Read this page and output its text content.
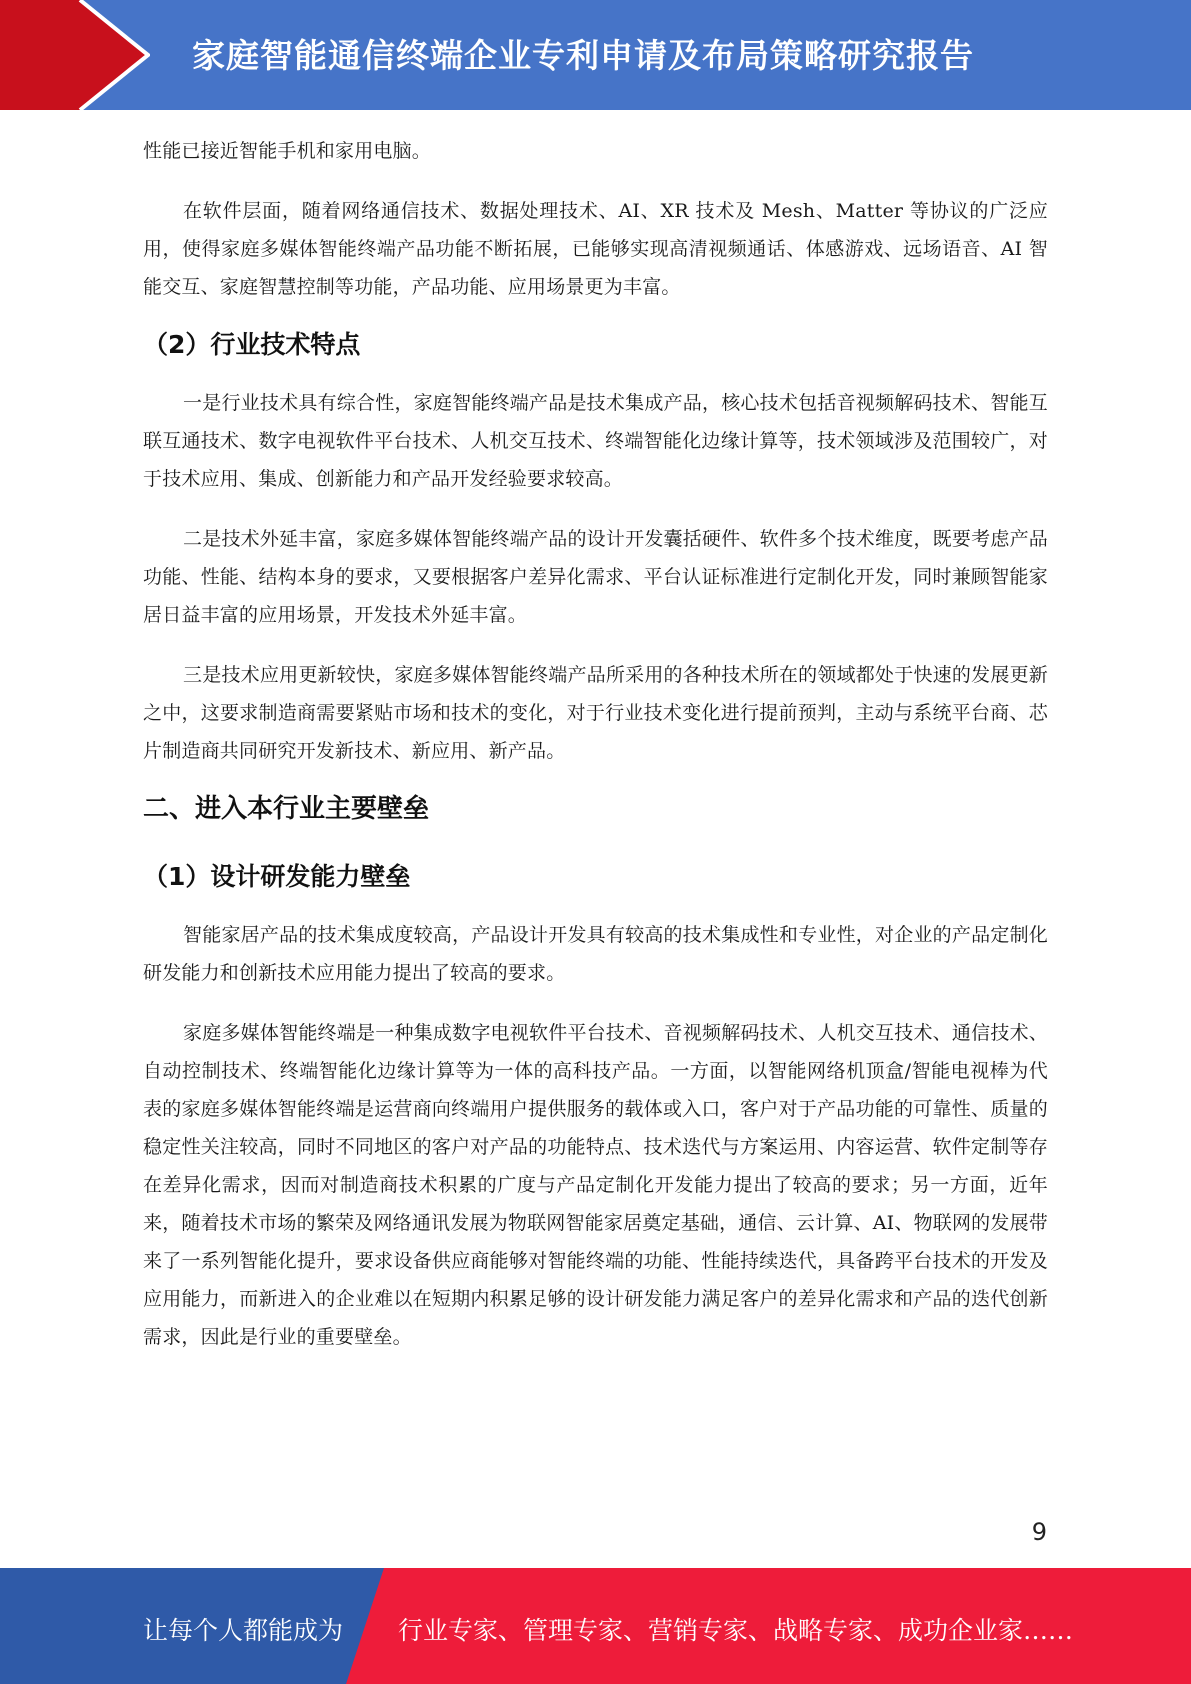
家庭智能通信终端企业专利申请及布局策略研究报告

性能已接近智能手机和家用电脑。

在软件层面，随着网络通信技术、数据处理技术、AI、XR 技术及 Mesh、Matter 等协议的广泛应用，使得家庭多媒体智能终端产品功能不断拓展，已能够实现高清视频通话、体感游戏、远场语音、AI 智能交互、家庭智慧控制等功能，产品功能、应用场景更为丰富。

（2）行业技术特点

一是行业技术具有综合性，家庭智能终端产品是技术集成产品，核心技术包括音视频解码技术、智能互联互通技术、数字电视软件平台技术、人机交互技术、终端智能化边缘计算等，技术领域涉及范围较广，对于技术应用、集成、创新能力和产品开发经验要求较高。

二是技术外延丰富，家庭多媒体智能终端产品的设计开发囊括硬件、软件多个技术维度，既要考虑产品功能、性能、结构本身的要求，又要根据客户差异化需求、平台认证标准进行定制化开发，同时兼顾智能家居日益丰富的应用场景，开发技术外延丰富。

三是技术应用更新较快，家庭多媒体智能终端产品所采用的各种技术所在的领域都处于快速的发展更新之中，这要求制造商需要紧贴市场和技术的变化，对于行业技术变化进行提前预判，主动与系统平台商、芯片制造商共同研究开发新技术、新应用、新产品。

二、进入本行业主要壁垒
（1）设计研发能力壁垒

智能家居产品的技术集成度较高，产品设计开发具有较高的技术集成性和专业性，对企业的产品定制化研发能力和创新技术应用能力提出了较高的要求。

家庭多媒体智能终端是一种集成数字电视软件平台技术、音视频解码技术、人机交互技术、通信技术、自动控制技术、终端智能化边缘计算等为一体的高科技产品。一方面，以智能网络机顶盒/智能电视棒为代表的家庭多媒体智能终端是运营商向终端用户提供服务的载体或入口，客户对于产品功能的可靠性、质量的稳定性关注较高，同时不同地区的客户对产品的功能特点、技术迭代与方案运用、内容运营、软件定制等存在差异化需求，因而对制造商技术积累的广度与产品定制化开发能力提出了较高的要求；另一方面，近年来，随着技术市场的繁荣及网络通讯发展为物联网智能家居奠定基础，通信、云计算、AI、物联网的发展带来了一系列智能化提升，要求设备供应商能够对智能终端的功能、性能持续迭代，具备跨平台技术的开发及应用能力，而新进入的企业难以在短期内积累足够的设计研发能力满足客户的差异化需求和产品的迭代创新需求，因此是行业的重要壁垒。

9
让每个人都能成为 行业专家、管理专家、营销专家、战略专家、成功企业家……
